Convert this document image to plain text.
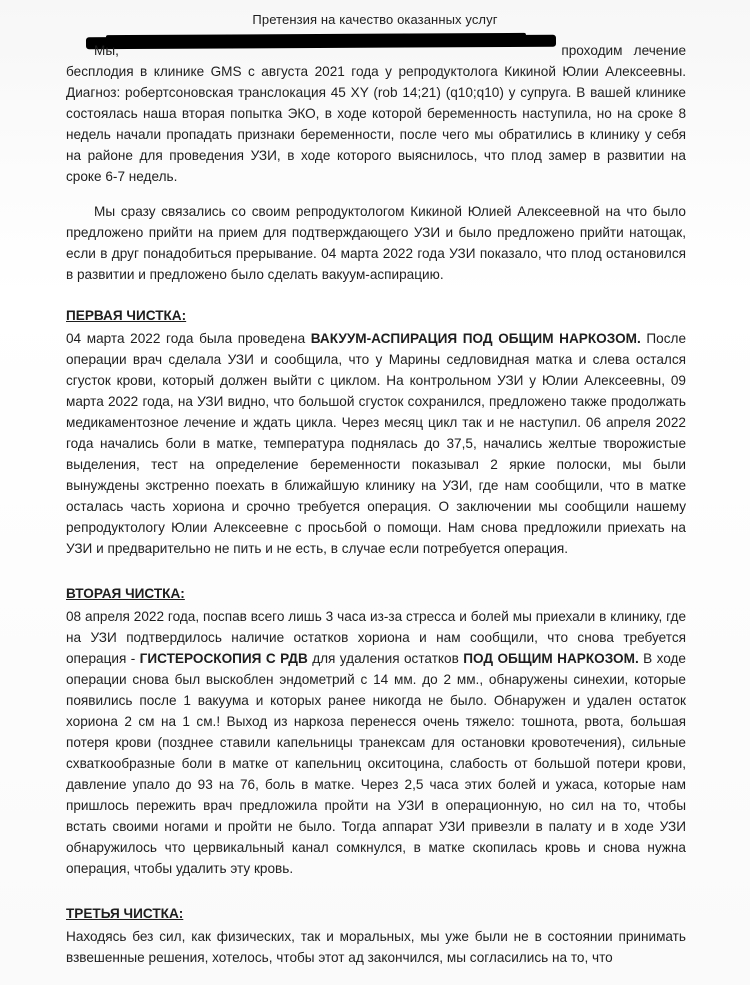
Претензия на качество оказанных услуг

Мы,	проходим лечение бесплодия в клинике GMS с августа 2021 года у репродуктолога Кикиной Юлии Алексеевны. Диагноз: робертсоновская транслокация 45 XY (rob 14;21) (q10;q10) у супруга. В вашей клинике состоялась наша вторая попытка ЭКО, в ходе которой беременность наступила, но на сроке 8 недель начали пропадать признаки беременности, после чего мы обратились в клинику у себя на районе для проведения УЗИ, в ходе которого выяснилось, что плод замер в развитии на сроке 6-7 недель.

Мы сразу связались со своим репродуктологом Кикиной Юлией Алексеевной на что было предложено прийти на прием для подтверждающего УЗИ и было предложено прийти натощак, если в друг понадобиться прерывание. 04 марта 2022 года УЗИ показало, что плод остановился в развитии и предложено было сделать вакуум-аспирацию.

ПЕРВАЯ ЧИСТКА:

04 марта 2022 года была проведена ВАКУУМ-АСПИРАЦИЯ ПОД ОБЩИМ НАРКОЗОМ. После операции врач сделала УЗИ и сообщила, что у Марины седловидная матка и слева остался сгусток крови, который должен выйти с циклом. На контрольном УЗИ у Юлии Алексеевны, 09 марта 2022 года, на УЗИ видно, что большой сгусток сохранился, предложено также продолжать медикаментозное лечение и ждать цикла. Через месяц цикл так и не наступил. 06 апреля 2022 года начались боли в матке, температура поднялась до 37,5, начались желтые творожистые выделения, тест на определение беременности показывал 2 яркие полоски, мы были вынуждены экстренно поехать в ближайшую клинику на УЗИ, где нам сообщили, что в матке осталась часть хориона и срочно требуется операция. О заключении мы сообщили нашему репродуктологу Юлии Алексеевне с просьбой о помощи. Нам снова предложили приехать на УЗИ и предварительно не пить и не есть, в случае если потребуется операция.

ВТОРАЯ ЧИСТКА:

08 апреля 2022 года, поспав всего лишь 3 часа из-за стресса и болей мы приехали в клинику, где на УЗИ подтвердилось наличие остатков хориона и нам сообщили, что снова требуется операция - ГИСТЕРОСКОПИЯ С РДВ для удаления остатков ПОД ОБЩИМ НАРКОЗОМ. В ходе операции снова был выскоблен эндометрий с 14 мм. до 2 мм., обнаружены синехии, которые появились после 1 вакуума и которых ранее никогда не было. Обнаружен и удален остаток хориона 2 см на 1 см.! Выход из наркоза перенесся очень тяжело: тошнота, рвота, большая потеря крови (позднее ставили капельницы транексам для остановки кровотечения), сильные схваткообразные боли в матке от капельниц окситоцина, слабость от большой потери крови, давление упало до 93 на 76, боль в матке. Через 2,5 часа этих болей и ужаса, которые нам пришлось пережить врач предложила пройти на УЗИ в операционную, но сил на то, чтобы встать своими ногами и пройти не было. Тогда аппарат УЗИ привезли в палату и в ходе УЗИ обнаружилось что цервикальный канал сомкнулся, в матке скопилась кровь и снова нужна операция, чтобы удалить эту кровь.

ТРЕТЬЯ ЧИСТКА:

Находясь без сил, как физических, так и моральных, мы уже были не в состоянии принимать взвешенные решения, хотелось, чтобы этот ад закончился, мы согласились на то, что
